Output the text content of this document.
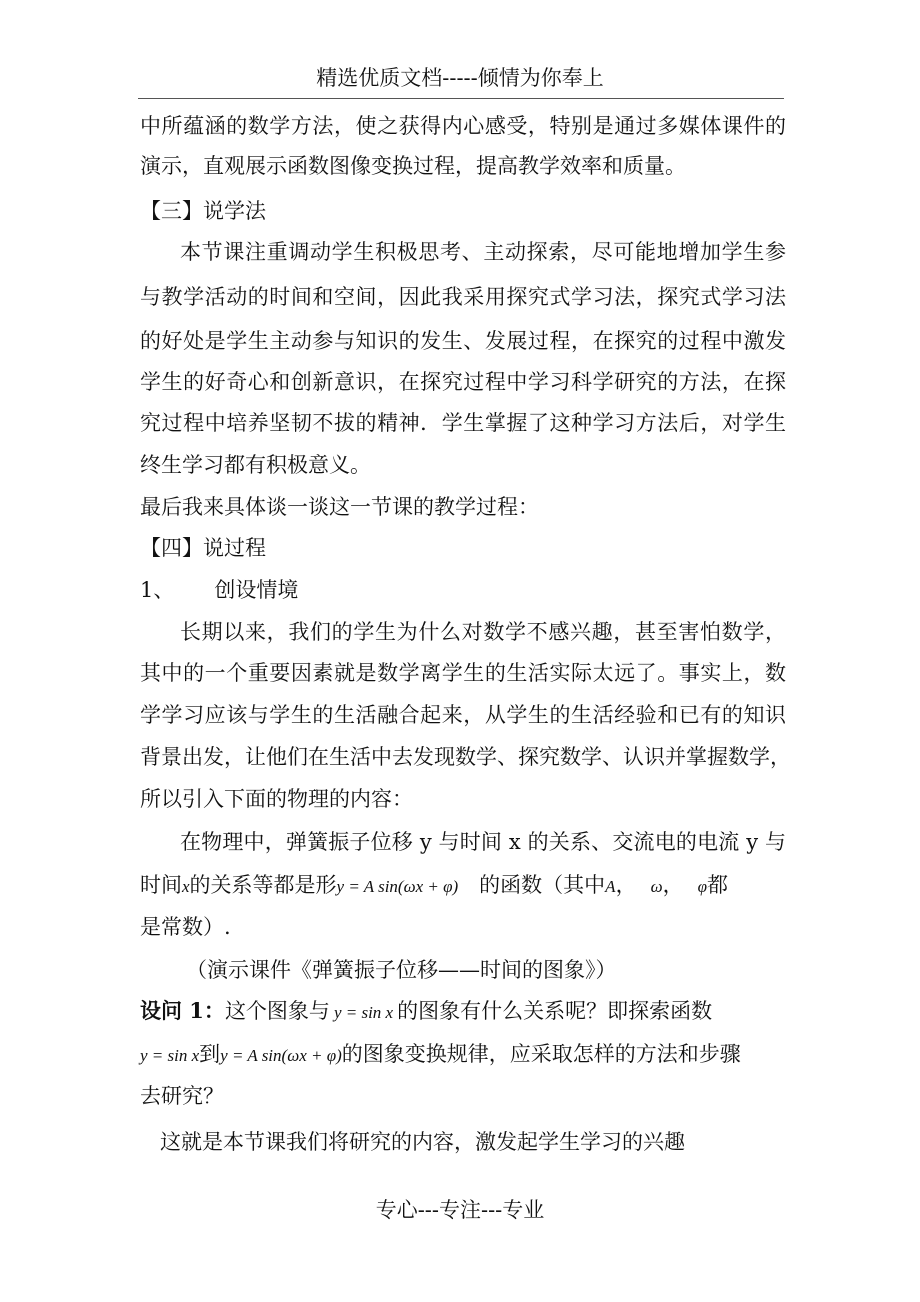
精选优质文档-----倾情为你奉上
中所蕴涵的数学方法，使之获得内心感受，特别是通过多媒体课件的
演示，直观展示函数图像变换过程，提高教学效率和质量。
【三】说学法
本节课注重调动学生积极思考、主动探索，尽可能地增加学生参
与教学活动的时间和空间，因此我采用探究式学习法，探究式学习法
的好处是学生主动参与知识的发生、发展过程，在探究的过程中激发
学生的好奇心和创新意识，在探究过程中学习科学研究的方法，在探
究过程中培养坚韧不拔的精神．学生掌握了这种学习方法后，对学生
终生学习都有积极意义。
最后我来具体谈一谈这一节课的教学过程：
【四】说过程
1、 创设情境
长期以来，我们的学生为什么对数学不感兴趣，甚至害怕数学，
其中的一个重要因素就是数学离学生的生活实际太远了。事实上，数
学学习应该与学生的生活融合起来，从学生的生活经验和已有的知识
背景出发，让他们在生活中去发现数学、探究数学、认识并掌握数学，
所以引入下面的物理的内容：
在物理中，弹簧振子位移 y 与时间 x 的关系、交流电的电流 y 与
时间x的关系等都是形y = A sin(ωx + φ)　的函数（其中A， ω， φ都
是常数）.
（演示课件《弹簧振子位移——时间的图象》）
设问 1：这个图象与 y = sin x 的图象有什么关系呢？即探索函数
y = sin x到y = A sin(ωx + φ)的图象变换规律，应采取怎样的方法和步骤
去研究？
这就是本节课我们将研究的内容，激发起学生学习的兴趣
专心---专注---专业
